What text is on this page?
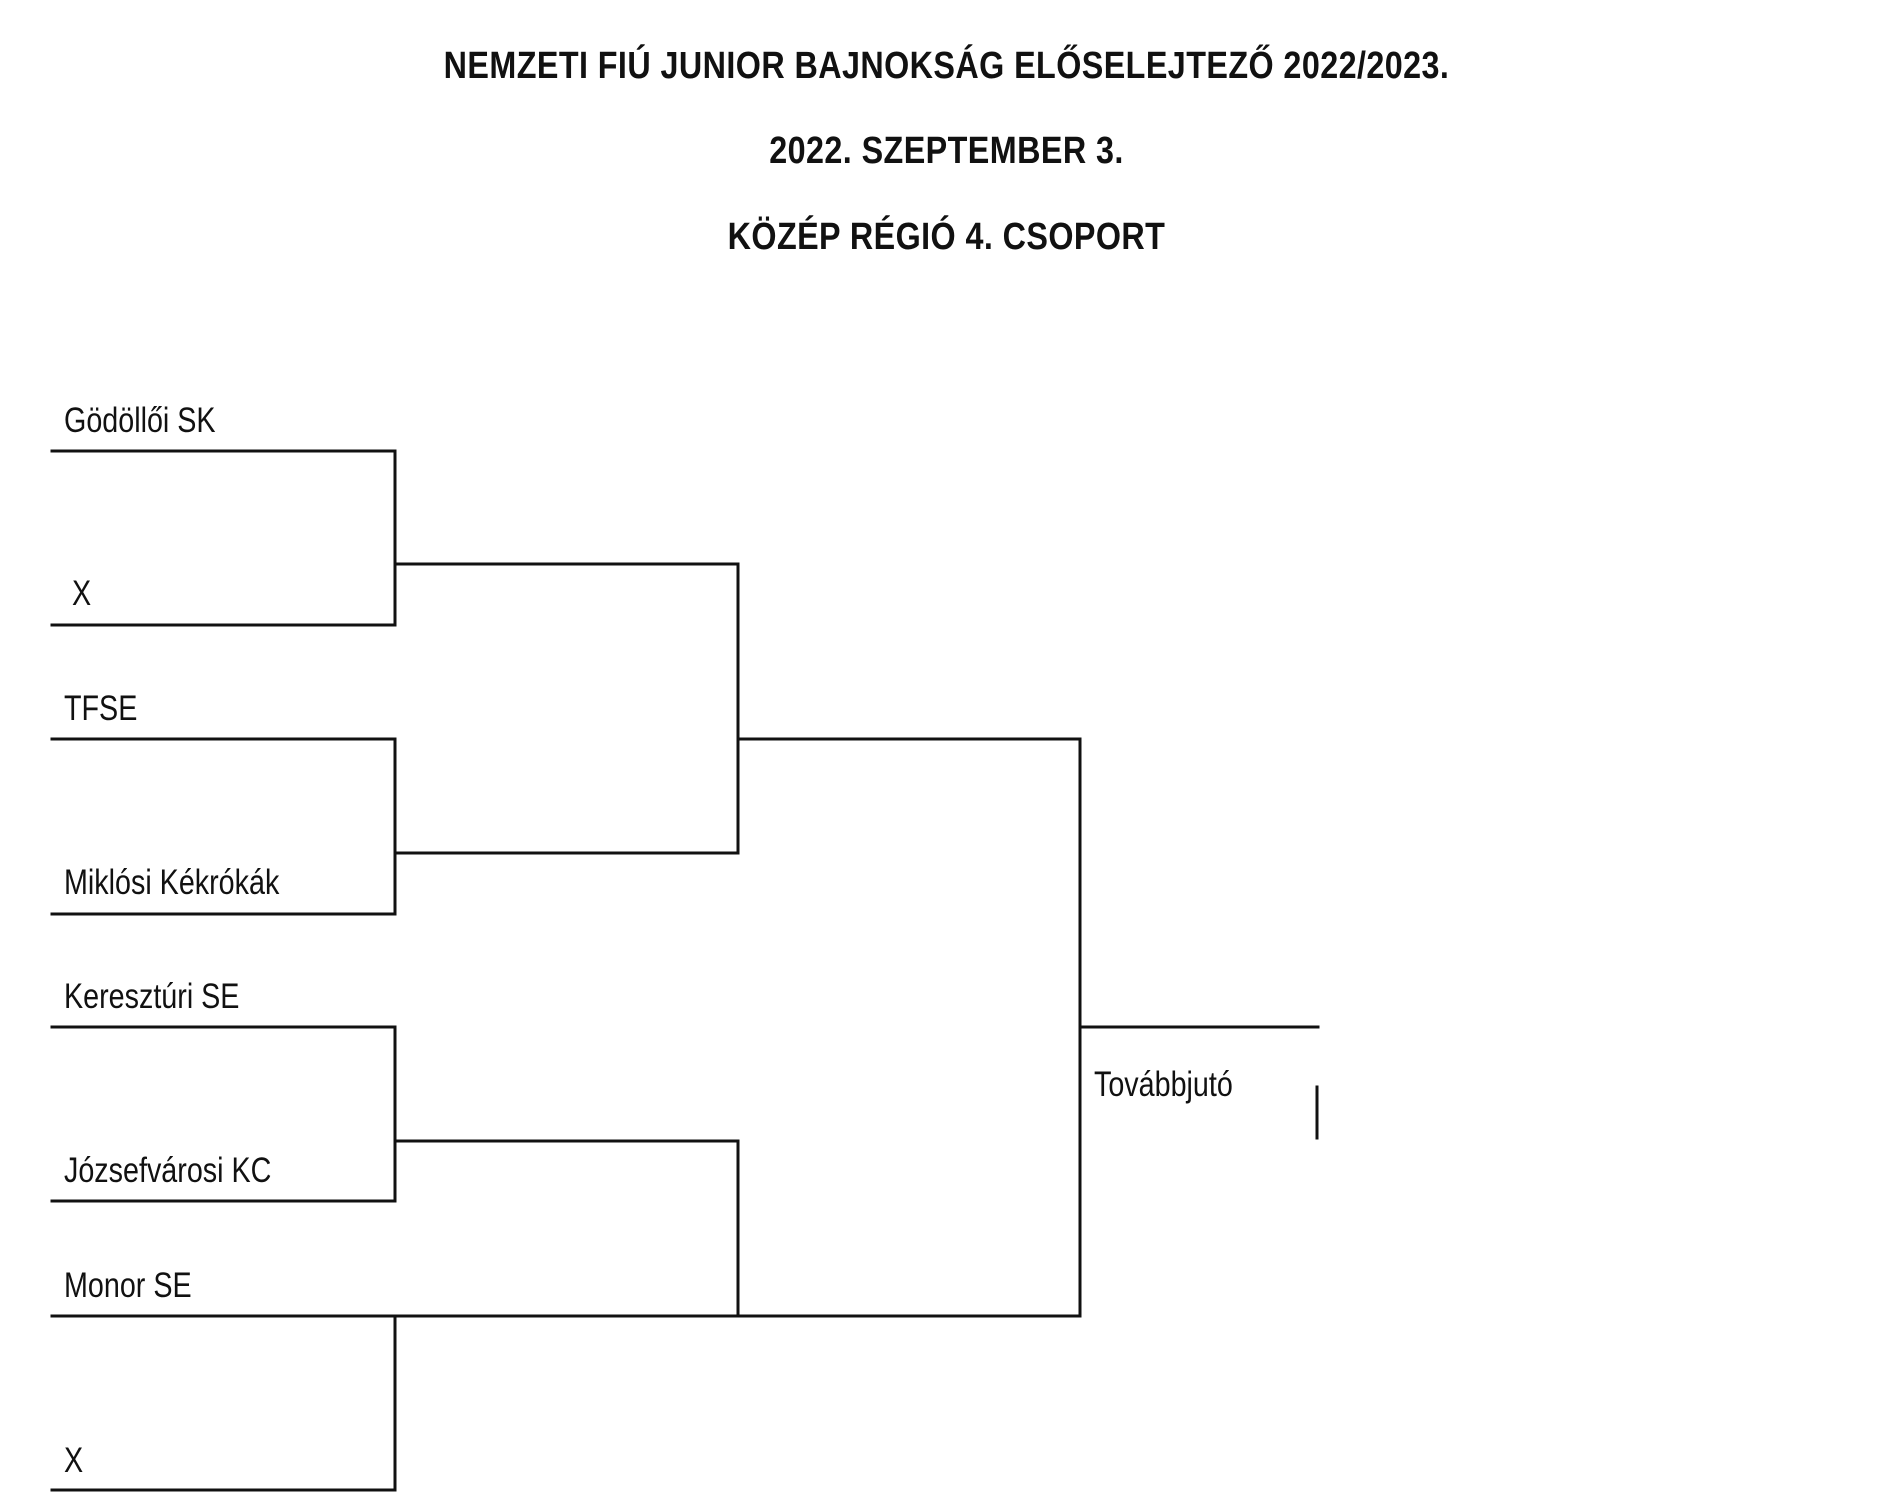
NEMZETI FIÚ JUNIOR BAJNOKSÁG ELŐSELEJTEZŐ 2022/2023.
2022. SZEPTEMBER 3.
KÖZÉP RÉGIÓ 4. CSOPORT
Gödöllői SK
X
TFSE
Miklósi Kékrókák
Keresztúri SE
Józsefvárosi KC
Monor SE
X
Továbbjutó
